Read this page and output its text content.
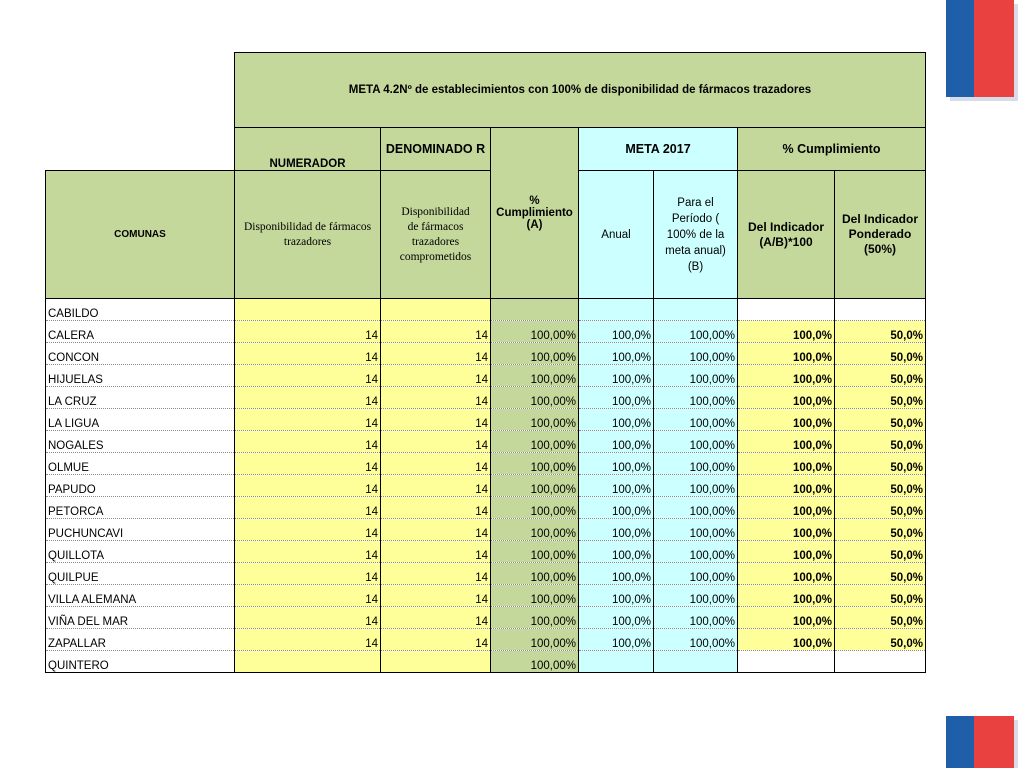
	META 4.2Nº de establecimientos con 100% de disponibilidad de fármacos trazadores						
	NUMERADOR	DENOMINADO R	% Cumplimiento (A)	META 2017		% Cumplimiento	
COMUNAS	Disponibilidad de fármacos trazadores	Disponibilidad de fármacos trazadores comprometidos		Anual	Para el Período ( 100% de la meta anual) (B)	Del Indicador (A/B)*100	Del Indicador Ponderado (50%)
CABILDO							
CALERA	14	14	100,00%	100,0%	100,00%	100,0%	50,0%
CONCON	14	14	100,00%	100,0%	100,00%	100,0%	50,0%
HIJUELAS	14	14	100,00%	100,0%	100,00%	100,0%	50,0%
LA CRUZ	14	14	100,00%	100,0%	100,00%	100,0%	50,0%
LA LIGUA	14	14	100,00%	100,0%	100,00%	100,0%	50,0%
NOGALES	14	14	100,00%	100,0%	100,00%	100,0%	50,0%
OLMUE	14	14	100,00%	100,0%	100,00%	100,0%	50,0%
PAPUDO	14	14	100,00%	100,0%	100,00%	100,0%	50,0%
PETORCA	14	14	100,00%	100,0%	100,00%	100,0%	50,0%
PUCHUNCAVI	14	14	100,00%	100,0%	100,00%	100,0%	50,0%
QUILLOTA	14	14	100,00%	100,0%	100,00%	100,0%	50,0%
QUILPUE	14	14	100,00%	100,0%	100,00%	100,0%	50,0%
VILLA ALEMANA	14	14	100,00%	100,0%	100,00%	100,0%	50,0%
VIÑA DEL MAR	14	14	100,00%	100,0%	100,00%	100,0%	50,0%
ZAPALLAR	14	14	100,00%	100,0%	100,00%	100,0%	50,0%
QUINTERO			100,00%				
